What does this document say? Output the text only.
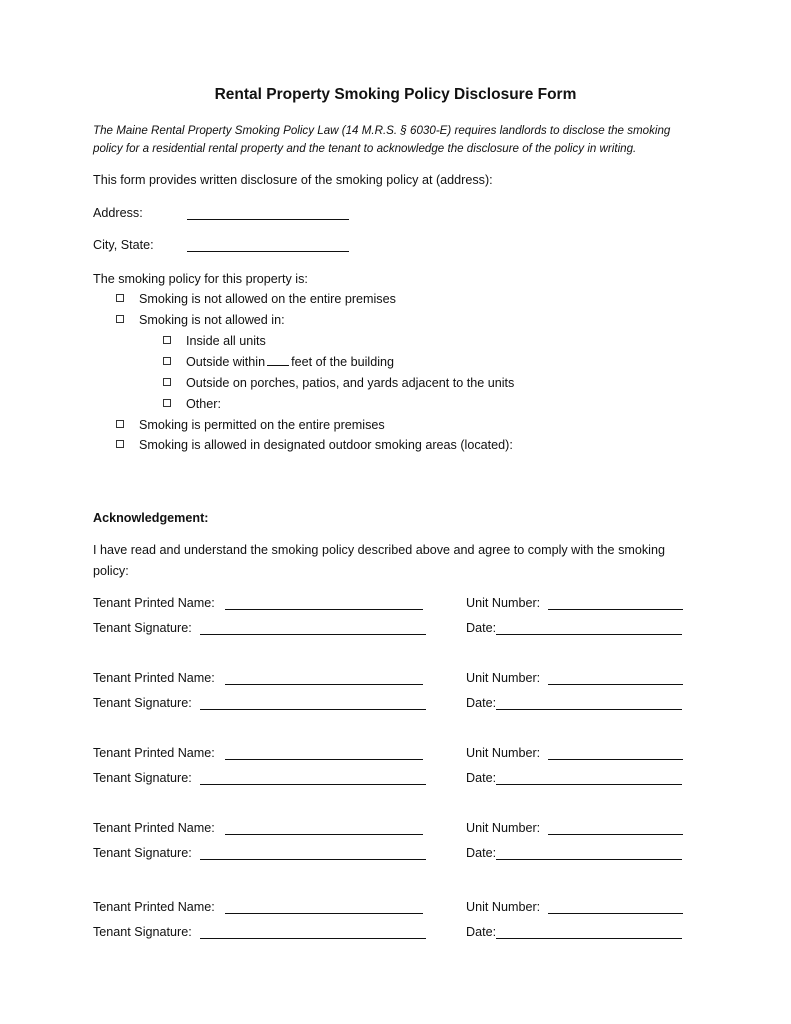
Rental Property Smoking Policy Disclosure Form
The Maine Rental Property Smoking Policy Law (14 M.R.S. § 6030-E) requires landlords to disclose the smoking
policy for a residential rental property and the tenant to acknowledge the disclosure of the policy in writing.
This form provides written disclosure of the smoking policy at (address):
Address:
City, State:
The smoking policy for this property is:
Smoking is not allowed on the entire premises
Smoking is not allowed in:
Inside all units
Outside within feet of the building
Outside on porches, patios, and yards adjacent to the units
Other:
Smoking is permitted on the entire premises
Smoking is allowed in designated outdoor smoking areas (located):
Acknowledgement:
I have read and understand the smoking policy described above and agree to comply with the smoking
policy:
Tenant Printed Name:	Unit Number:
Tenant Signature:	Date:
Tenant Printed Name:	Unit Number:
Tenant Signature:	Date:
Tenant Printed Name:	Unit Number:
Tenant Signature:	Date:
Tenant Printed Name:	Unit Number:
Tenant Signature:	Date:
Tenant Printed Name:	Unit Number:
Tenant Signature:	Date:
